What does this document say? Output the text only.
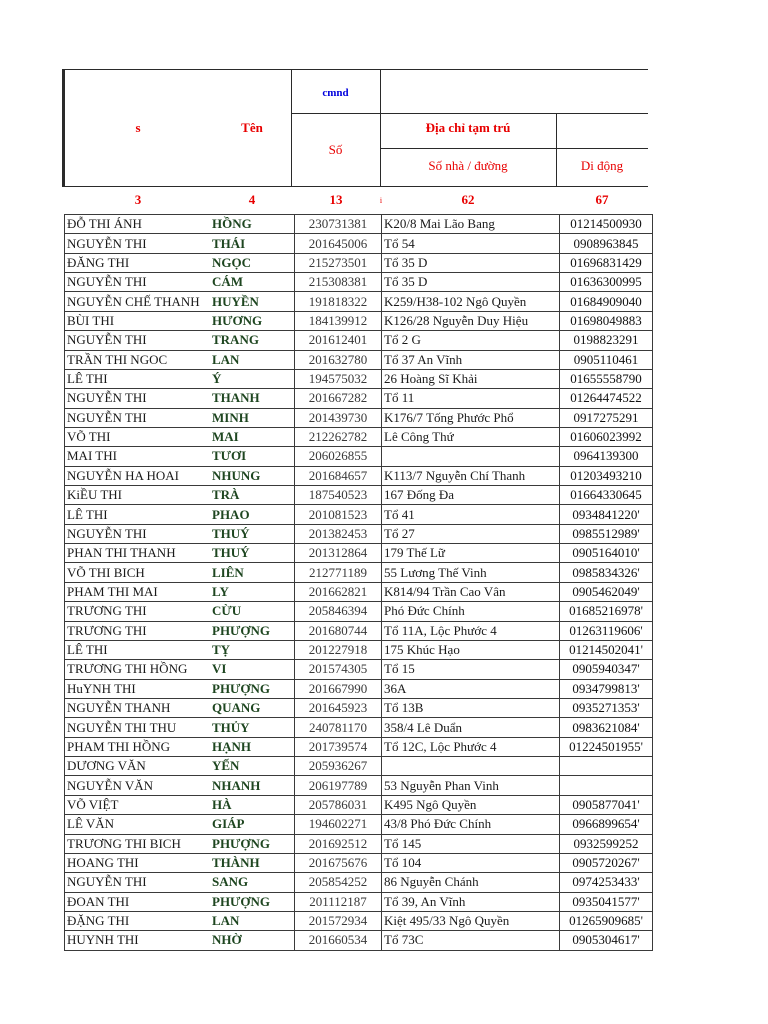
s	Tên
cmnd
Số
Địa chỉ tạm trú
Số nhà / đường	Di động
3	4	13	i	62	67
ĐỖ THI ÁNH	HỒNG	230731381	K20/8 Mai Lão Bang	01214500930
NGUYỄN THI	THÁI	201645006	Tổ 54	0908963845
ĐĂNG THI	NGỌC	215273501	Tổ 35 D	01696831429
NGUYỄN THI	CÁM	215308381	Tổ 35 D	01636300995
NGUYỄN CHẾ THANH	HUYỀN	191818322	K259/H38-102 Ngô Quyền	01684909040
BÙI THI	HƯƠNG	184139912	K126/28 Nguyễn Duy Hiệu	01698049883
NGUYỄN THI	TRANG	201612401	Tổ 2 G	0198823291
TRẦN THI NGOC	LAN	201632780	Tổ 37 An Vĩnh	0905110461
LÊ THI	Ý	194575032	26 Hoàng Sĩ Khải	01655558790
NGUYỄN THI	THANH	201667282	Tổ 11	01264474522
NGUYỄN THI	MINH	201439730	K176/7 Tống Phước Phổ	0917275291
VÕ THI	MAI	212262782	Lê Công Thứ	01606023992
MAI THI	TƯƠI	206026855		0964139300
NGUYỄN HA HOAI	NHUNG	201684657	K113/7 Nguyễn Chí Thanh	01203493210
KiỀU THI	TRÀ	187540523	167 Đống Đa	01664330645
LÊ THI	PHAO	201081523	Tổ 41	0934841220'
NGUYỄN THI	THUÝ	201382453	Tổ 27	0985512989'
PHAN THI THANH	THUÝ	201312864	179 Thế Lữ	0905164010'
VÕ THI BICH	LIÊN	212771189	55 Lương Thế Vinh	0985834326'
PHAM THI MAI	LY	201662821	K814/94 Trần Cao Vân	0905462049'
TRƯƠNG THI	CỪU	205846394	Phó Đức Chính	01685216978'
TRƯƠNG THI	PHƯỢNG	201680744	Tổ 11A, Lộc Phước 4	01263119606'
LÊ THI	TỴ	201227918	175 Khúc Hạo	01214502041'
TRƯƠNG THI HỒNG	VI	201574305	Tổ 15	0905940347'
HuYNH THI	PHƯỢNG	201667990	36A	0934799813'
NGUYỄN THANH	QUANG	201645923	Tổ 13B	0935271353'
NGUYỄN THI THU	THỦY	240781170	358/4 Lê Duẩn	0983621084'
PHAM THI HỒNG	HẠNH	201739574	Tổ 12C, Lộc Phước 4	01224501955'
DƯƠNG VĂN	YẾN	205936267		
NGUYỄN VĂN	NHANH	206197789	53 Nguyễn Phan Vinh	
VÕ VIỆT	HÀ	205786031	K495 Ngô Quyền	0905877041'
LÊ VĂN	GIÁP	194602271	43/8 Phó Đức Chính	0966899654'
TRƯƠNG THI BICH	PHƯỢNG	201692512	Tổ 145	0932599252
HOANG THI	THÀNH	201675676	Tổ 104	0905720267'
NGUYỄN THI	SANG	205854252	86 Nguyễn Chánh	0974253433'
ĐOAN THI	PHƯỢNG	201112187	Tổ 39, An Vĩnh	0935041577'
ĐẶNG THI	LAN	201572934	Kiệt 495/33 Ngô Quyền	01265909685'
HUYNH THI	NHỜ	201660534	Tổ 73C	0905304617'
